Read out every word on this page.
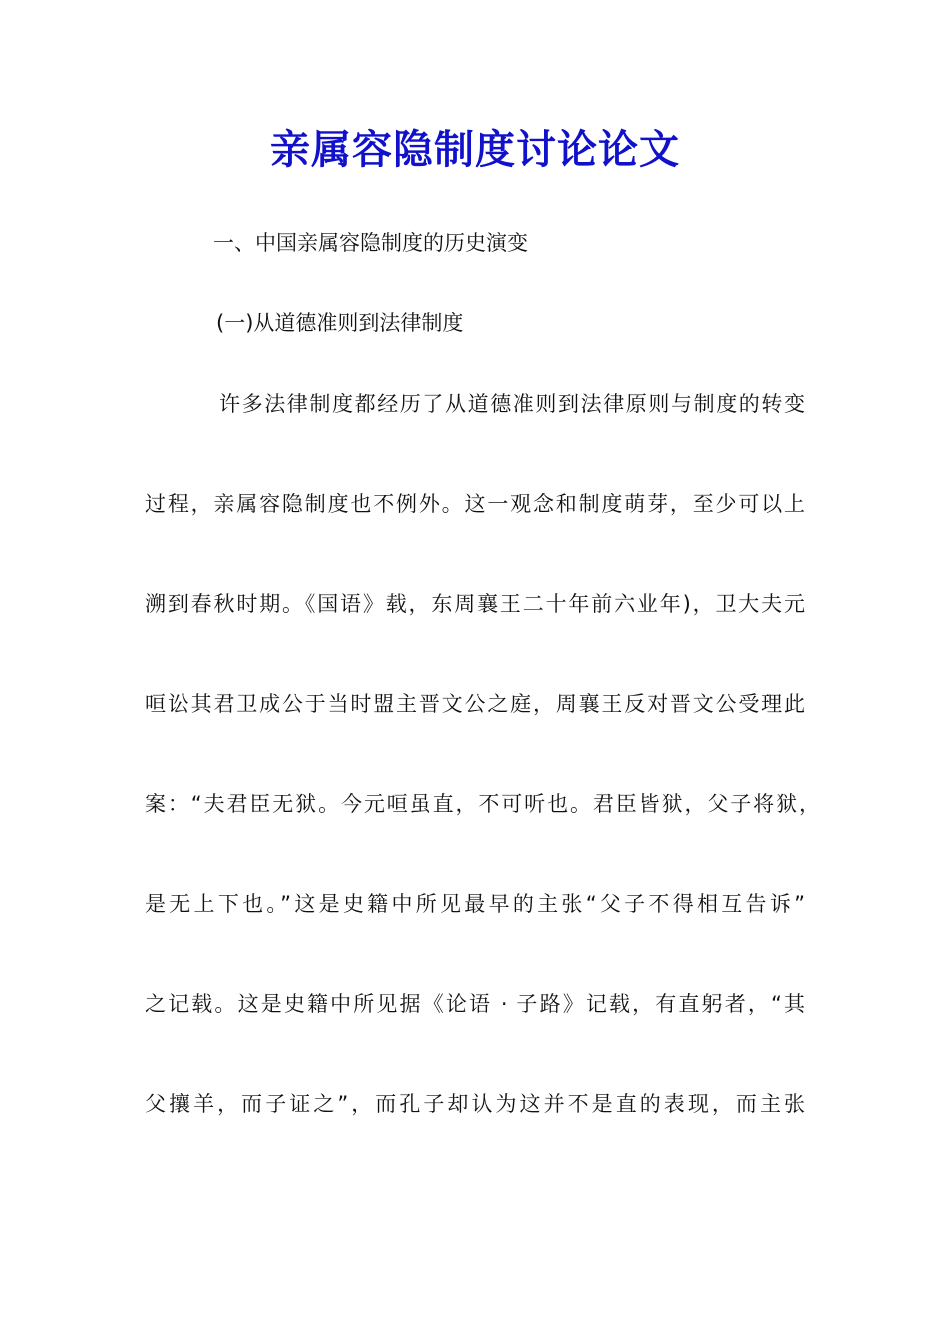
亲属容隐制度讨论论文
一、中国亲属容隐制度的历史演变
(一)从道德准则到法律制度
许多法律制度都经历了从道德准则到法律原则与制度的转变
过程，亲属容隐制度也不例外。这一观念和制度萌芽，至少可以上
溯到春秋时期。《国语》载，东周襄王二十年前六业年)，卫大夫元
咺讼其君卫成公于当时盟主晋文公之庭，周襄王反对晋文公受理此
案：“夫君臣无狱。今元咺虽直，不可听也。君臣皆狱，父子将狱，
是无上下也。”这是史籍中所见最早的主张“父子不得相互告诉”
之记载。这是史籍中所见据《论语 · 子路》记载，有直躬者，“其
父攘羊，而子证之”，而孔子却认为这并不是直的表现，而主张
